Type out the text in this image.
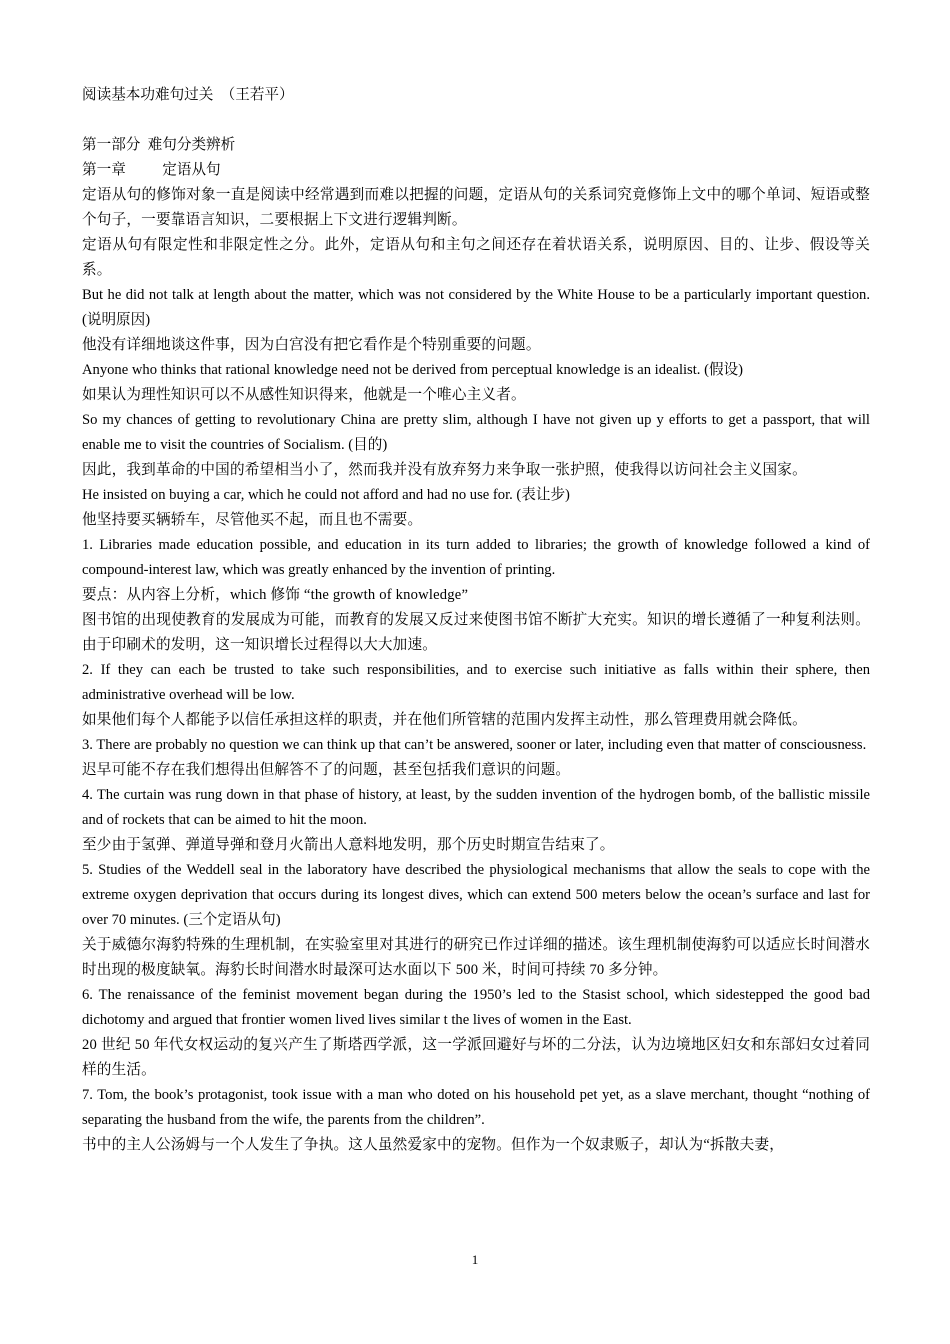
阅读基本功难句过关  （王若平）
第一部分  难句分类辨析
第一章          定语从句

定语从句的修饰对象一直是阅读中经常遇到而难以把握的问题，定语从句的关系词究竟修饰上文中的哪个单词、短语或整个句子，一要靠语言知识，二要根据上下文进行逻辑判断。

定语从句有限定性和非限定性之分。此外，定语从句和主句之间还存在着状语关系，说明原因、目的、让步、假设等关系。

But he did not talk at length about the matter, which was not considered by the White House to be a particularly important question. (说明原因)

他没有详细地谈这件事，因为白宫没有把它看作是个特别重要的问题。

Anyone who thinks that rational knowledge need not be derived from perceptual knowledge is an idealist. (假设)

如果认为理性知识可以不从感性知识得来，他就是一个唯心主义者。

So my chances of getting to revolutionary China are pretty slim, although I have not given up y efforts to get a passport, that will enable me to visit the countries of Socialism. (目的)

因此，我到革命的中国的希望相当小了，然而我并没有放弃努力来争取一张护照，使我得以访问社会主义国家。

He insisted on buying a car, which he could not afford and had no use for. (表让步)

他坚持要买辆轿车，尽管他买不起，而且也不需要。

1. Libraries made education possible, and education in its turn added to libraries; the growth of knowledge followed a kind of compound-interest law, which was greatly enhanced by the invention of printing.

要点：从内容上分析，which 修饰 “the growth of knowledge”

图书馆的出现使教育的发展成为可能，而教育的发展又反过来使图书馆不断扩大充实。知识的增长遵循了一种复利法则。由于印刷术的发明，这一知识增长过程得以大大加速。

2. If they can each be trusted to take such responsibilities, and to exercise such initiative as falls within their sphere, then administrative overhead will be low.

如果他们每个人都能予以信任承担这样的职责，并在他们所管辖的范围内发挥主动性，那么管理费用就会降低。

3. There are probably no question we can think up that can’t be answered, sooner or later, including even that matter of consciousness.

迟早可能不存在我们想得出但解答不了的问题，甚至包括我们意识的问题。

4. The curtain was rung down in that phase of history, at least, by the sudden invention of the hydrogen bomb, of the ballistic missile and of rockets that can be aimed to hit the moon.

至少由于氢弹、弹道导弹和登月火箭出人意料地发明，那个历史时期宣告结束了。

5. Studies of the Weddell seal in the laboratory have described the physiological mechanisms that allow the seals to cope with the extreme oxygen deprivation that occurs during its longest dives, which can extend 500 meters below the ocean’s surface and last for over 70 minutes. (三个定语从句)

关于威德尔海豹特殊的生理机制，在实验室里对其进行的研究已作过详细的描述。该生理机制使海豹可以适应长时间潜水时出现的极度缺氧。海豹长时间潜水时最深可达水面以下 500 米，时间可持续 70 多分钟。

6. The renaissance of the feminist movement began during the 1950’s led to the Stasist school, which sidestepped the good bad dichotomy and argued that frontier women lived lives similar t the lives of women in the East.

20 世纪 50 年代女权运动的复兴产生了斯塔西学派，这一学派回避好与坏的二分法，认为边境地区妇女和东部妇女过着同样的生活。

7. Tom, the book’s protagonist, took issue with a man who doted on his household pet yet, as a slave merchant, thought “nothing of separating the husband from the wife, the parents from the children”.

书中的主人公汤姆与一个人发生了争执。这人虽然爱家中的宠物。但作为一个奴隶贩子，却认为“拆散夫妻，

1
